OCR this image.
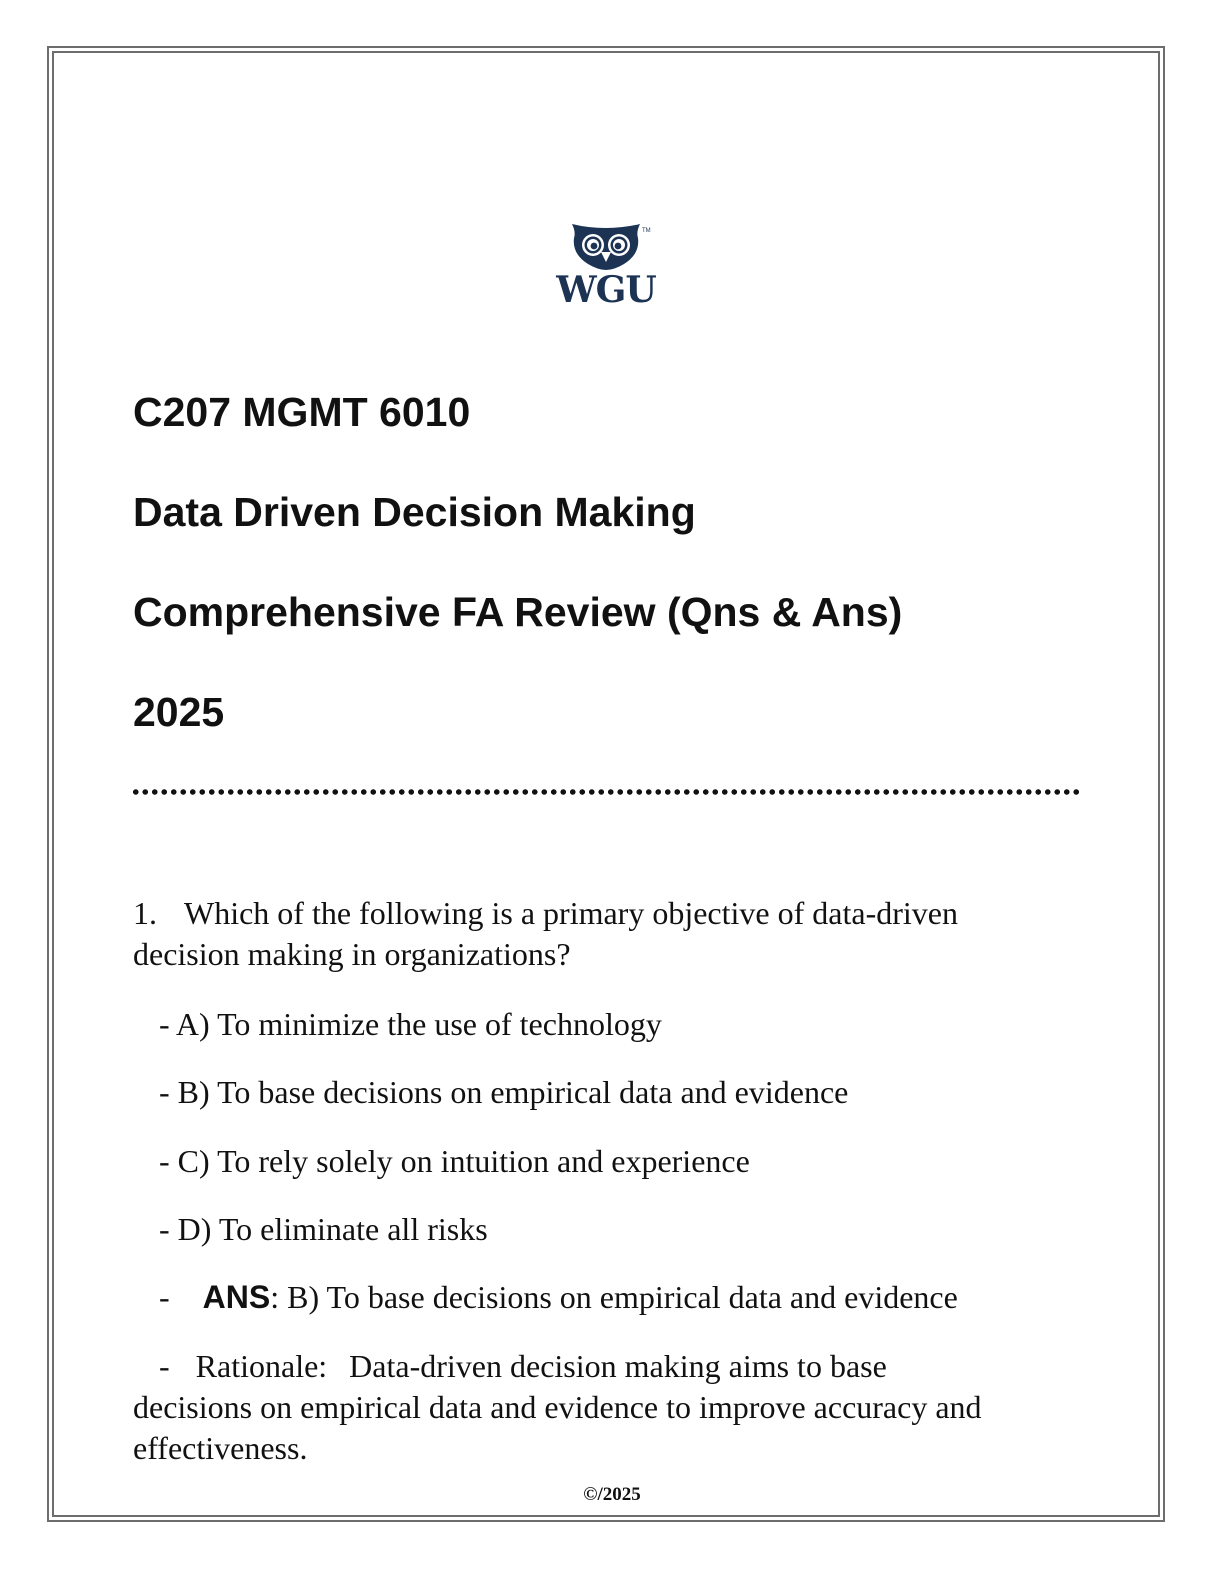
TM
WGU
C207 MGMT 6010
Data Driven Decision Making
Comprehensive FA Review (Qns & Ans)
2025
1. Which of the following is a primary objective of data-driven
decision making in organizations?
- A) To minimize the use of technology
- B) To base decisions on empirical data and evidence
- C) To rely solely on intuition and experience
- D) To eliminate all risks
- ANS: B) To base decisions on empirical data and evidence
- Rationale: Data-driven decision making aims to base
decisions on empirical data and evidence to improve accuracy and
effectiveness.
©/2025
